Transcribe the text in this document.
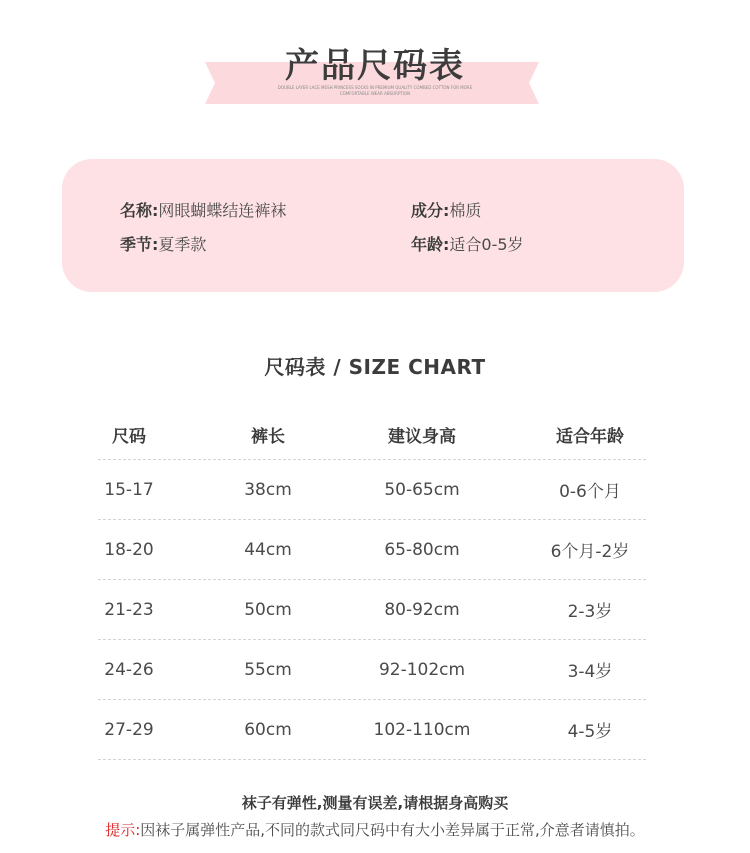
产品尺码表
DOUBLE LAYER LACE MESH PRINCESS SOCKS IN PREMIUM QUALITY COMBED COTTON FOR MORE
COMFORTABLE WEAR ABSORPTION
名称:网眼蝴蝶结连裤袜	成分:棉质
季节:夏季款	年龄:适合0-5岁
尺码表 / SIZE CHART
尺码	裤长	建议身高	适合年龄
15-17	38cm	50-65cm	0-6个月
18-20	44cm	65-80cm	6个月-2岁
21-23	50cm	80-92cm	2-3岁
24-26	55cm	92-102cm	3-4岁
27-29	60cm	102-110cm	4-5岁
袜子有弹性,测量有误差,请根据身高购买
提示:因袜子属弹性产品,不同的款式同尺码中有大小差异属于正常,介意者请慎拍。
